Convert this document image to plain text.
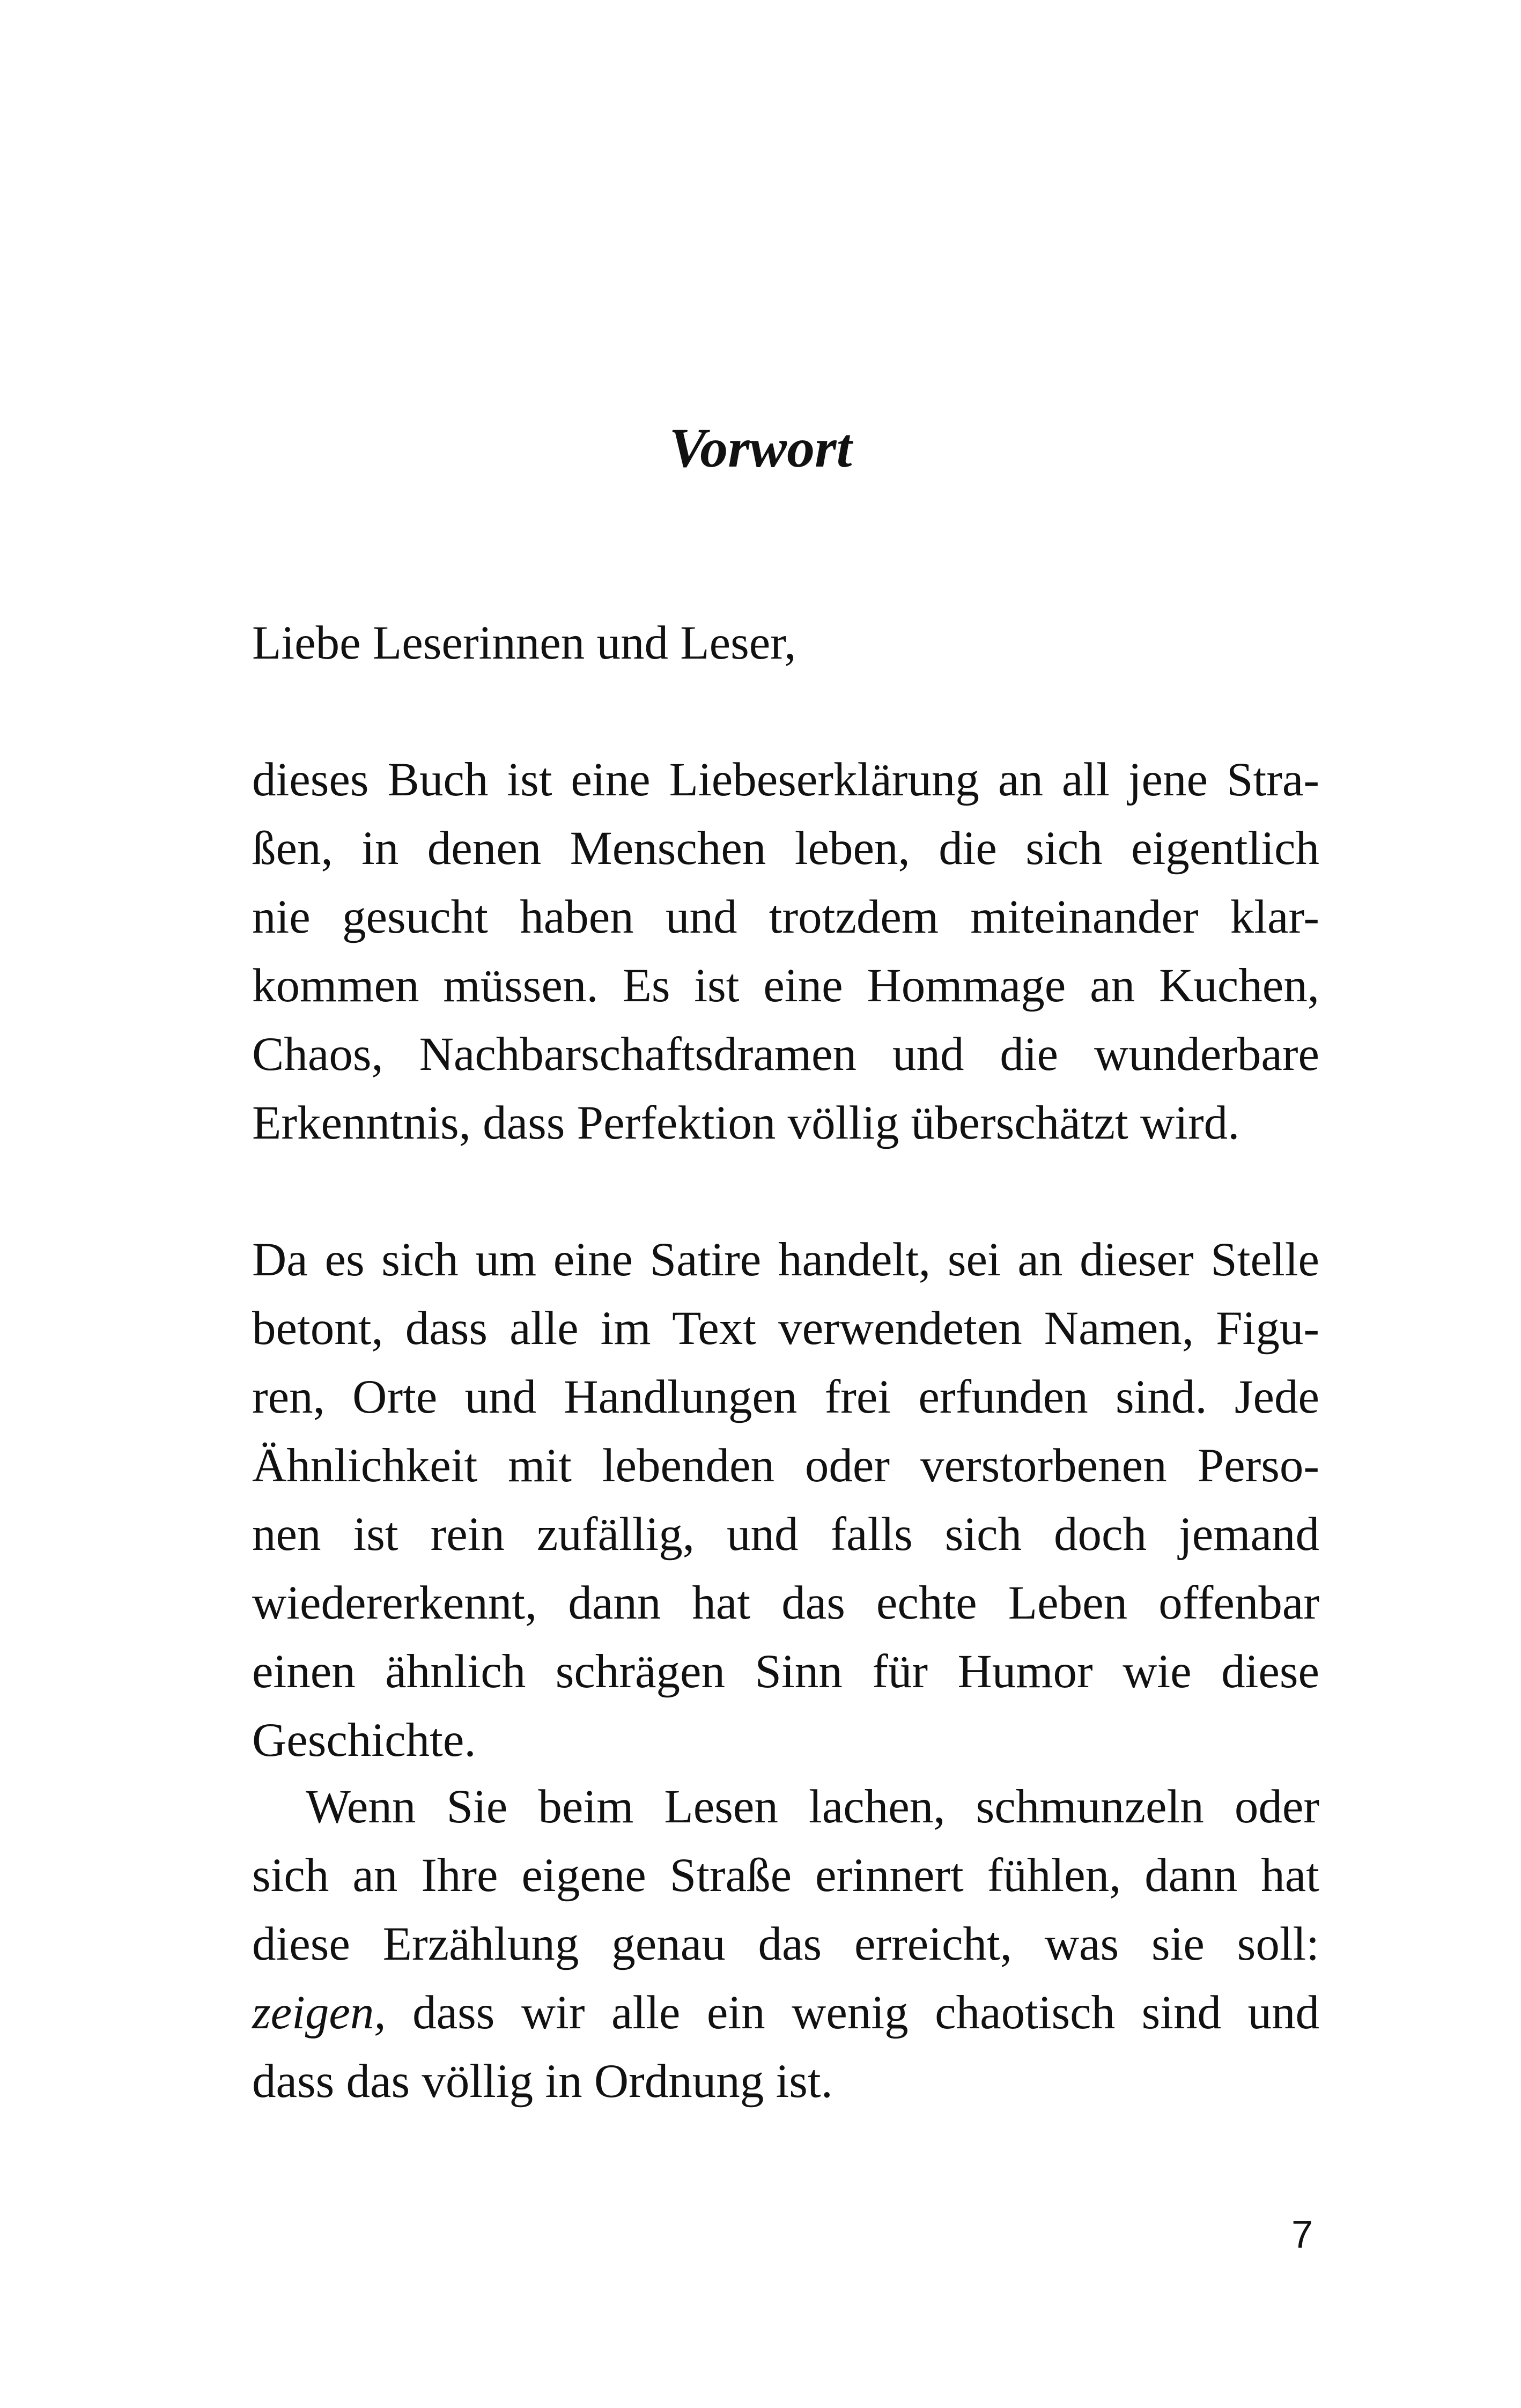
Vorwort
Liebe Leserinnen und Leser,
dieses Buch ist eine Liebeserklärung an all jene Stra-
ßen, in denen Menschen leben, die sich eigentlich
nie gesucht haben und trotzdem miteinander klar-
kommen müssen. Es ist eine Hommage an Kuchen,
Chaos, Nachbarschaftsdramen und die wunderbare
Erkenntnis, dass Perfektion völlig überschätzt wird.
Da es sich um eine Satire handelt, sei an dieser Stelle
betont, dass alle im Text verwendeten Namen, Figu-
ren, Orte und Handlungen frei erfunden sind. Jede
Ähnlichkeit mit lebenden oder verstorbenen Perso-
nen ist rein zufällig, und falls sich doch jemand
wiedererkennt, dann hat das echte Leben offenbar
einen ähnlich schrägen Sinn für Humor wie diese
Geschichte.
Wenn Sie beim Lesen lachen, schmunzeln oder
sich an Ihre eigene Straße erinnert fühlen, dann hat
diese Erzählung genau das erreicht, was sie soll:
zeigen, dass wir alle ein wenig chaotisch sind und
dass das völlig in Ordnung ist.
7
